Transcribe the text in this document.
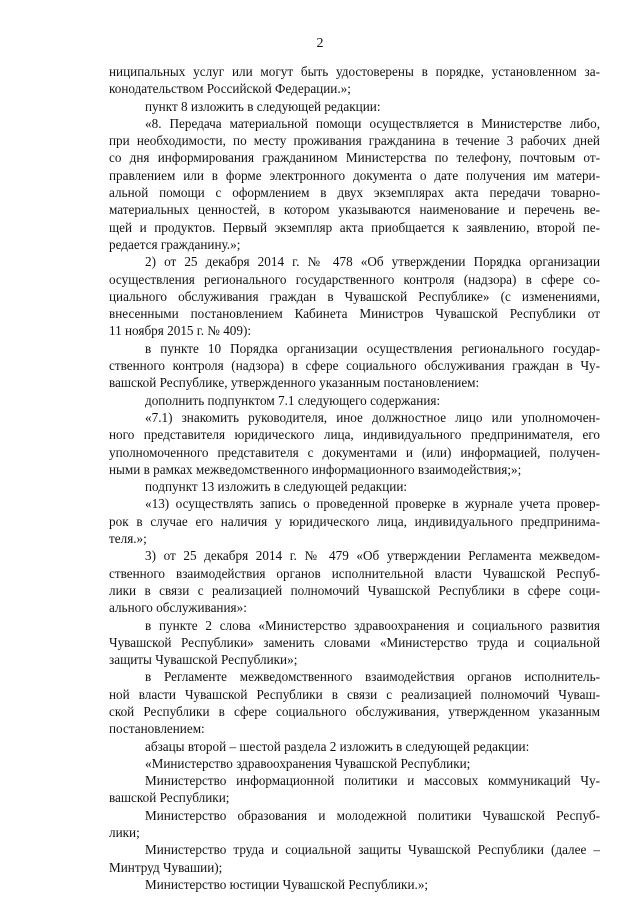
2
ниципальных услуг или могут быть удостоверены в порядке, установленном за-
конодательством Российской Федерации.»;
пункт 8 изложить в следующей редакции:
«8. Передача материальной помощи осуществляется в Министерстве либо,
при необходимости, по месту проживания гражданина в течение 3 рабочих дней
со дня информирования гражданином Министерства по телефону, почтовым от-
правлением или в форме электронного документа о дате получения им матери-
альной помощи с оформлением в двух экземплярах акта передачи товарно-
материальных ценностей, в котором указываются наименование и перечень ве-
щей и продуктов. Первый экземпляр акта приобщается к заявлению, второй пе-
редается гражданину.»;
2) от 25 декабря 2014 г. № 478 «Об утверждении Порядка организации
осуществления регионального государственного контроля (надзора) в сфере со-
циального обслуживания граждан в Чувашской Республике» (с изменениями,
внесенными постановлением Кабинета Министров Чувашской Республики от
11 ноября 2015 г. № 409):
в пункте 10 Порядка организации осуществления регионального государ-
ственного контроля (надзора) в сфере социального обслуживания граждан в Чу-
вашской Республике, утвержденного указанным постановлением:
дополнить подпунктом 7.1 следующего содержания:
«7.1) знакомить руководителя, иное должностное лицо или уполномочен-
ного представителя юридического лица, индивидуального предпринимателя, его
уполномоченного представителя с документами и (или) информацией, получен-
ными в рамках межведомственного информационного взаимодействия;»;
подпункт 13 изложить в следующей редакции:
«13) осуществлять запись о проведенной проверке в журнале учета провер-
рок в случае его наличия у юридического лица, индивидуального предпринима-
теля.»;
3) от 25 декабря 2014 г. № 479 «Об утверждении Регламента межведом-
ственного взаимодействия органов исполнительной власти Чувашской Респуб-
лики в связи с реализацией полномочий Чувашской Республики в сфере соци-
ального обслуживания»:
в пункте 2 слова «Министерство здравоохранения и социального развития
Чувашской Республики» заменить словами «Министерство труда и социальной
защиты Чувашской Республики»;
в Регламенте межведомственного взаимодействия органов исполнитель-
ной власти Чувашской Республики в связи с реализацией полномочий Чуваш-
ской Республики в сфере социального обслуживания, утвержденном указанным
постановлением:
абзацы второй – шестой раздела 2 изложить в следующей редакции:
«Министерство здравоохранения Чувашской Республики;
Министерство информационной политики и массовых коммуникаций Чу-
вашской Республики;
Министерство образования и молодежной политики Чувашской Респуб-
лики;
Министерство труда и социальной защиты Чувашской Республики (далее –
Минтруд Чувашии);
Министерство юстиции Чувашской Республики.»;
